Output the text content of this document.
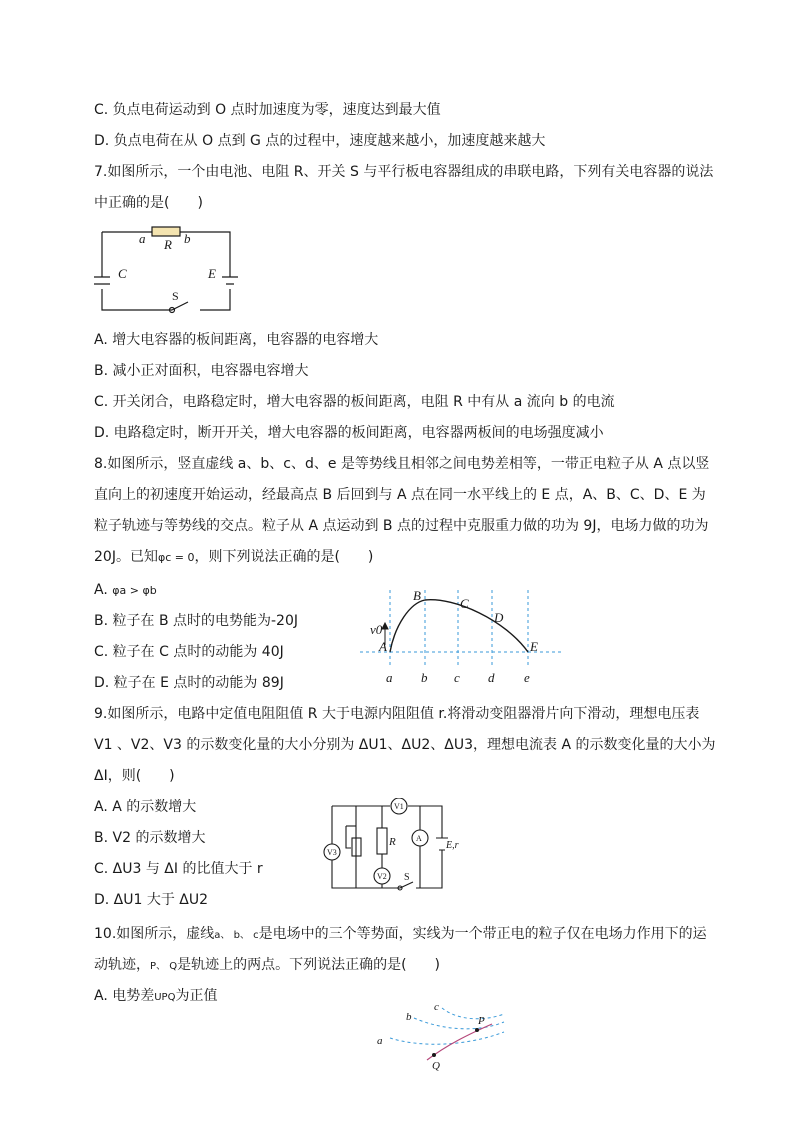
C. 负点电荷运动到 O 点时加速度为零，速度达到最大值
D. 负点电荷在从 O 点到 G 点的过程中，速度越来越小，加速度越来越大
7.如图所示，一个由电池、电阻 R、开关 S 与平行板电容器组成的串联电路，下列有关电容器的说法
中正确的是(　　)
a R b
C	E
S
A. 增大电容器的板间距离，电容器的电容增大
B. 减小正对面积，电容器电容增大
C. 开关闭合，电路稳定时，增大电容器的板间距离，电阻 R 中有从 a 流向 b 的电流
D. 电路稳定时，断开开关，增大电容器的板间距离，电容器两板间的电场强度减小
8.如图所示，竖直虚线 a、b、c、d、e 是等势线且相邻之间电势差相等，一带正电粒子从 A 点以竖
直向上的初速度开始运动，经最高点 B 后回到与 A 点在同一水平线上的 E 点，A、B、C、D、E 为
粒子轨迹与等势线的交点。粒子从 A 点运动到 B 点的过程中克服重力做的功为 9J，电场力做的功为
20J。已知φc = 0，则下列说法正确的是(　　)
A. φa > φb
B. 粒子在 B 点时的电势能为-20J
C. 粒子在 C 点时的动能为 40J
D. 粒子在 E 点时的动能为 89J
v0
A
B
C
D
E
a b c d e
9.如图所示，电路中定值电阻阻值 R 大于电源内阻阻值 r.将滑动变阻器滑片向下滑动，理想电压表
V1 、V2、V3 的示数变化量的大小分别为 ΔU1、ΔU2、ΔU3，理想电流表 A 的示数变化量的大小为
ΔI，则(　　)
A. A 的示数增大
B. V2 的示数增大
C. ΔU3 与 ΔI 的比值大于 r
D. ΔU1 大于 ΔU2
V1
V3
V2
A
R	E,r
S
10.如图所示，虚线a、 b、 c是电场中的三个等势面，实线为一个带正电的粒子仅在电场力作用下的运
动轨迹，P、 Q是轨迹上的两点。下列说法正确的是(　　)
A. 电势差UPQ为正值
a
b
c
P
Q
